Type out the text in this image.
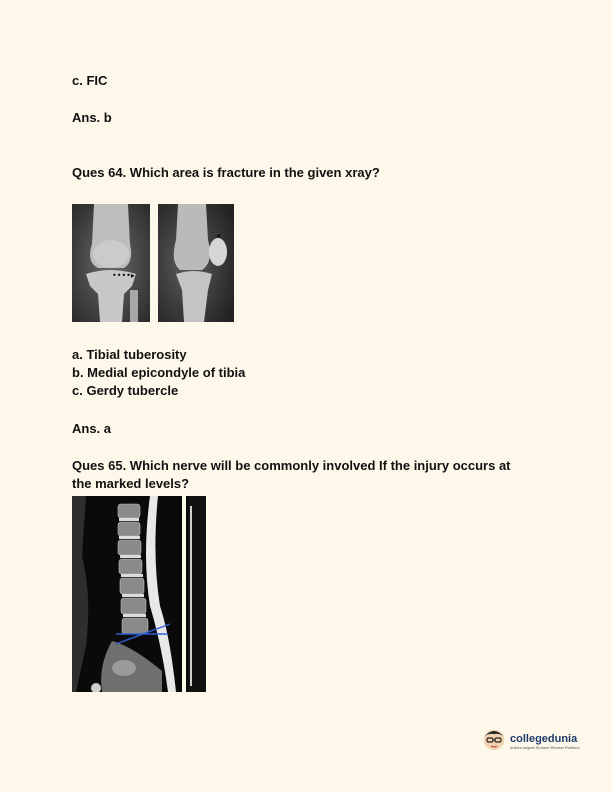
c. FIC
Ans. b
Ques 64. Which area is fracture in the given xray?
••••▸
◂
a. Tibial tuberosity
b. Medial epicondyle of tibia
c. Gerdy tubercle
Ans. a
Ques 65. Which nerve will be commonly involved If the injury occurs at
the marked levels?
collegedunia
India's largest Student Review Platform
